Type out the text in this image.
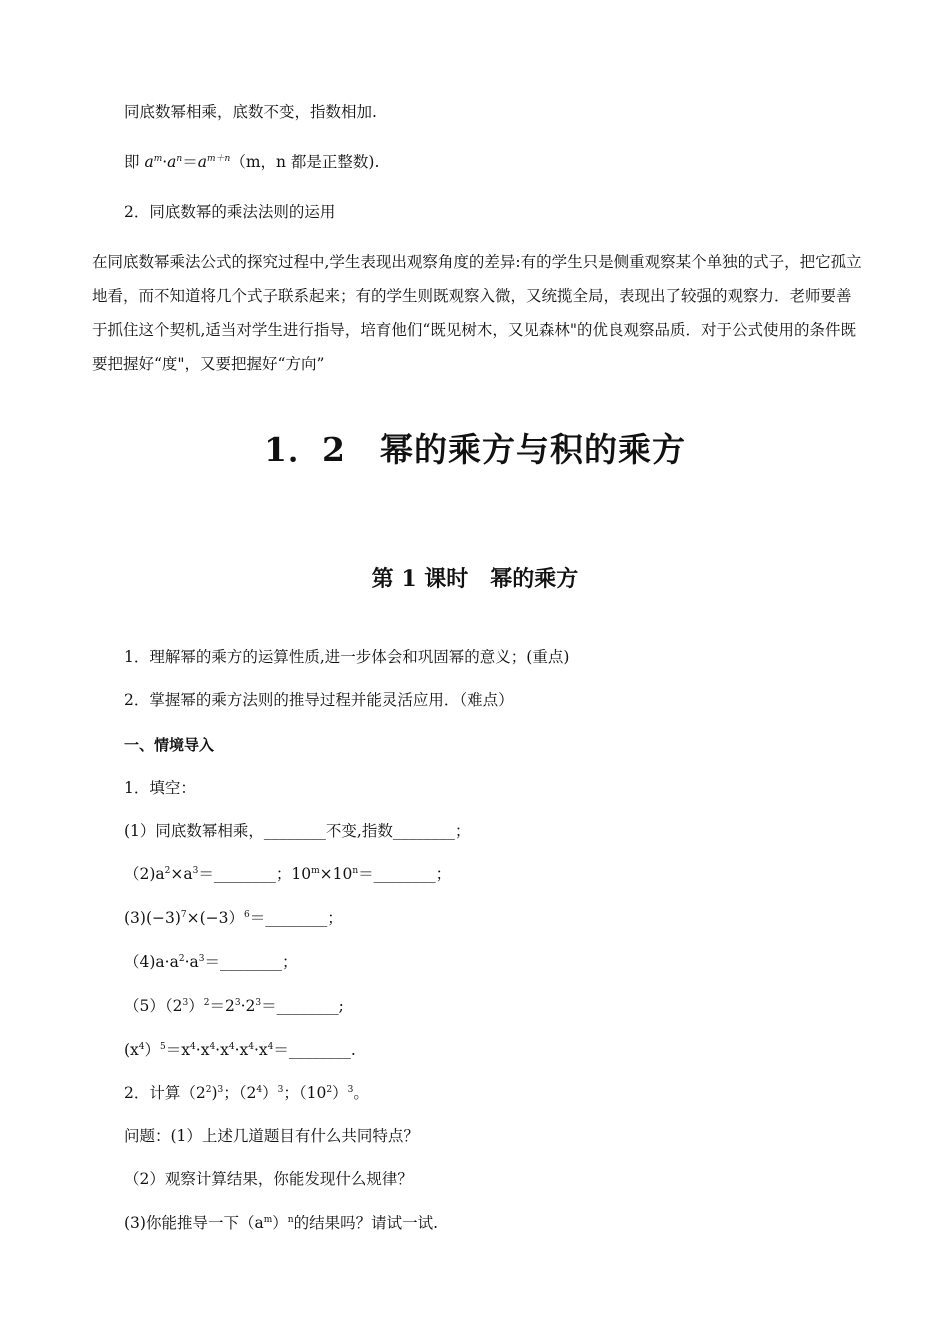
同底数幂相乘，底数不变，指数相加.
即 $a^m\cdot a^n=a^{m+n}(m$，n 都是正整数).
2．同底数幂的乘法法则的运用
在同底数幂乘法公式的探究过程中,学生表现出观察角度的差异:有的学生只是侧重观察某个单独的式子，把它孤立地看，而不知道将几个式子联系起来；有的学生则既观察入微，又统揽全局，表现出了较强的观察力．老师要善于抓住这个契机,适当对学生进行指导，培育他们“既见树木，又见森林"的优良观察品质．对于公式使用的条件既要把握好“度"，又要把握好“方向”
1．2　幂的乘方与积的乘方
第 1 课时　幂的乘方
1．理解幂的乘方的运算性质,进一步体会和巩固幂的意义；(重点)
2．掌握幂的乘方法则的推导过程并能灵活应用．（难点）
一、情境导入
1．填空：
(1）同底数幂相乘，________不变,指数________；
$(2)a^2\times a^3=\_\_\_\_\_\_\_\_$；$10^m\times 10^n=\_\_\_\_\_\_\_\_$；
$(3)(-3)^7\times(-3)^6=\_\_\_\_\_\_\_\_$；
$(4)a\cdot a^2\cdot a^3=\_\_\_\_\_\_\_\_$；
$(5)(2^3)^2=2^3\cdot 2^3=\_\_\_\_\_\_\_\_$;
$(x^4)^5=x^4\cdot x^4\cdot x^4\cdot x^4\cdot x^4=\_\_\_\_\_\_\_\_$.
2．计算$(2^2)^3$；$(2^4)^3$；$(10^2)^3$。
问题：(1）上述几道题目有什么共同特点？
（2）观察计算结果，你能发现什么规律？
(3)你能推导一下$(a^m)^n$的结果吗？请试一试.
